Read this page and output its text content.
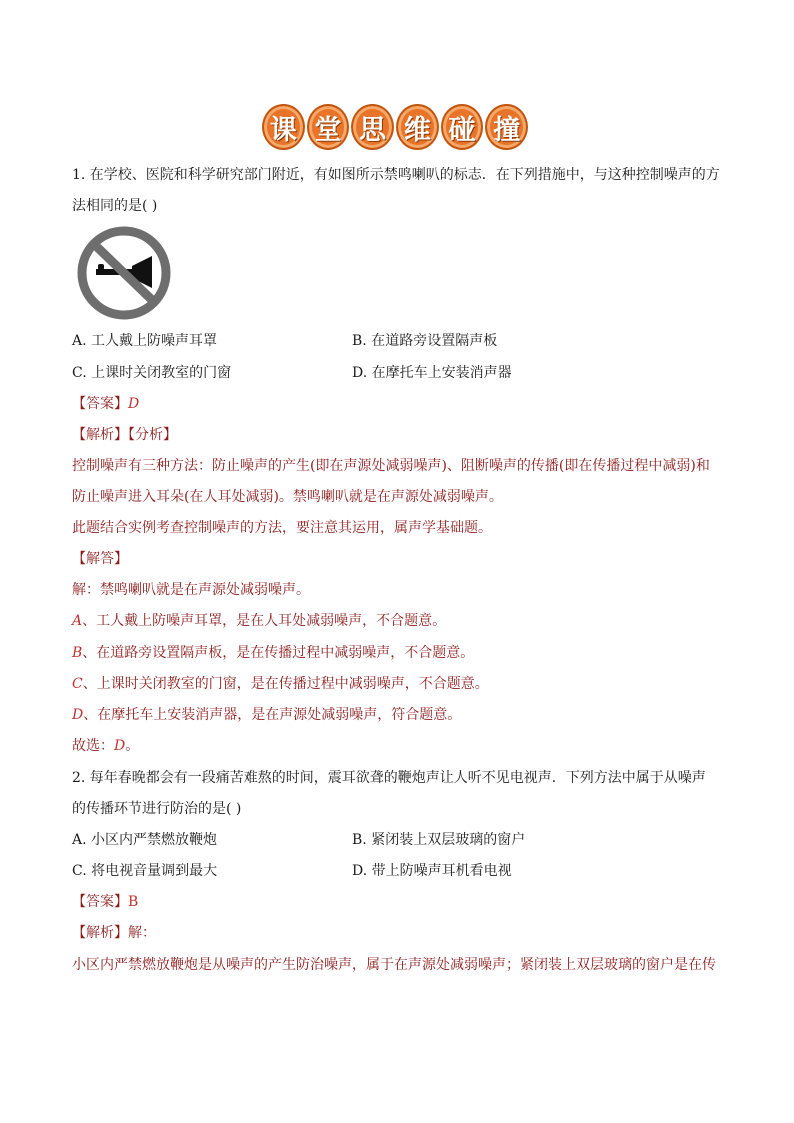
课 堂 思 维 碰 撞
1. 在学校、医院和科学研究部门附近，有如图所示禁鸣喇叭的标志．在下列措施中，与这种控制噪声的方
法相同的是( )
A. 工人戴上防噪声耳罩	B. 在道路旁设置隔声板
C. 上课时关闭教室的门窗	D. 在摩托车上安装消声器
【答案】D
【解析】【分析】
控制噪声有三种方法：防止噪声的产生(即在声源处减弱噪声)、阻断噪声的传播(即在传播过程中减弱)和
防止噪声进入耳朵(在人耳处减弱)。禁鸣喇叭就是在声源处减弱噪声。
此题结合实例考查控制噪声的方法，要注意其运用，属声学基础题。
【解答】
解：禁鸣喇叭就是在声源处减弱噪声。
A、工人戴上防噪声耳罩，是在人耳处减弱噪声，不合题意。
B、在道路旁设置隔声板，是在传播过程中减弱噪声，不合题意。
C、上课时关闭教室的门窗，是在传播过程中减弱噪声，不合题意。
D、在摩托车上安装消声器，是在声源处减弱噪声，符合题意。
故选：D。
2. 每年春晚都会有一段痛苦难熬的时间，震耳欲聋的鞭炮声让人听不见电视声．下列方法中属于从噪声
的传播环节进行防治的是( )
A. 小区内严禁燃放鞭炮	B. 紧闭装上双层玻璃的窗户
C. 将电视音量调到最大	D. 带上防噪声耳机看电视
【答案】B
【解析】解：
小区内严禁燃放鞭炮是从噪声的产生防治噪声，属于在声源处减弱噪声；紧闭装上双层玻璃的窗户是在传
